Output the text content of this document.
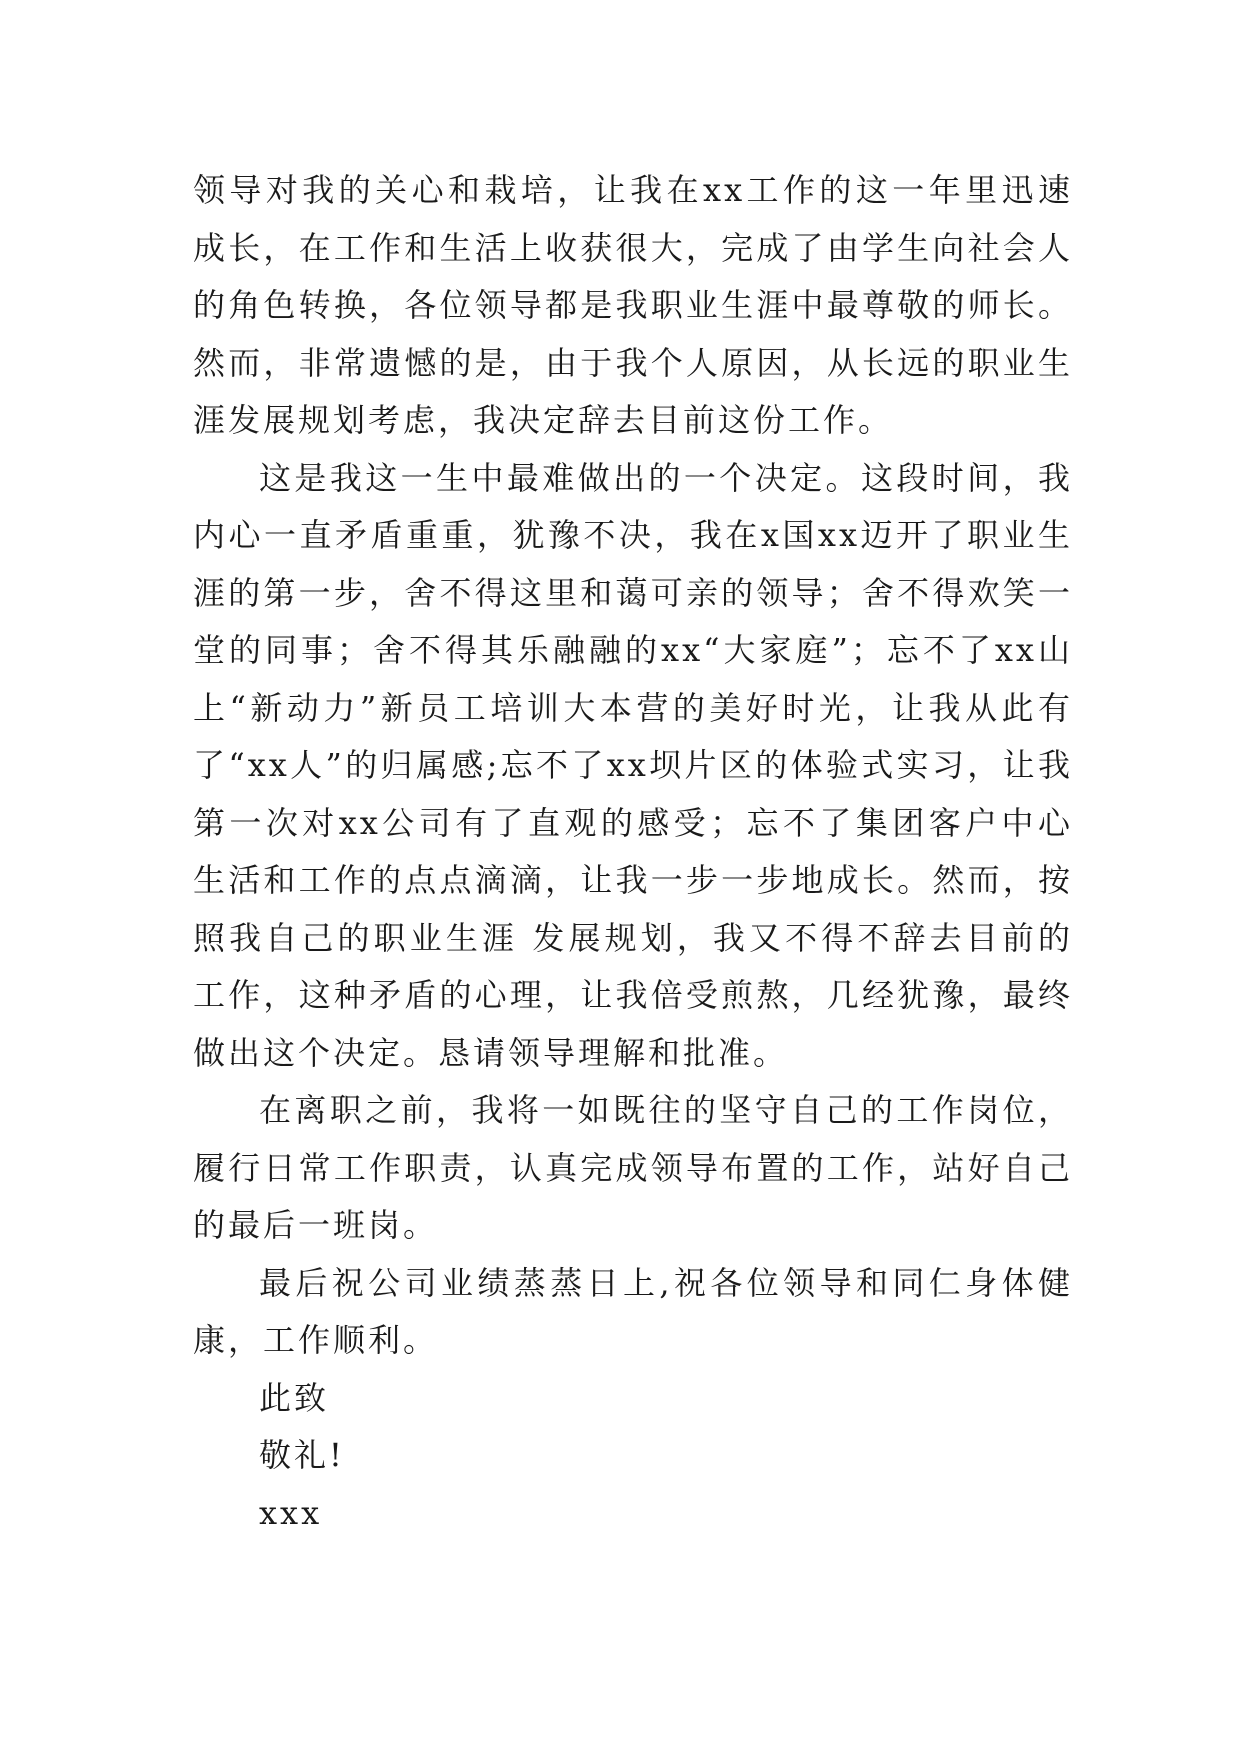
领导对我的关心和栽培，让我在xx工作的这一年里迅速成长，在工作和生活上收获很大，完成了由学生向社会人的角色转换，各位领导都是我职业生涯中最尊敬的师长。然而，非常遗憾的是，由于我个人原因，从长远的职业生涯发展规划考虑，我决定辞去目前这份工作。

这是我这一生中最难做出的一个决定。这段时间，我内心一直矛盾重重，犹豫不决，我在x国xx迈开了职业生涯的第一步，舍不得这里和蔼可亲的领导；舍不得欢笑一堂的同事；舍不得其乐融融的xx“大家庭”；忘不了xx山上“新动力”新员工培训大本营的美好时光，让我从此有了“xx人”的归属感;忘不了xx坝片区的体验式实习，让我第一次对xx公司有了直观的感受；忘不了集团客户中心生活和工作的点点滴滴，让我一步一步地成长。然而，按照我自己的职业生涯 发展规划，我又不得不辞去目前的工作，这种矛盾的心理，让我倍受煎熬，几经犹豫，最终做出这个决定。恳请领导理解和批准。

在离职之前，我将一如既往的坚守自己的工作岗位，履行日常工作职责，认真完成领导布置的工作，站好自己的最后一班岗。

最后祝公司业绩蒸蒸日上,祝各位领导和同仁身体健康，工作顺利。

此致

敬礼!

xxx
